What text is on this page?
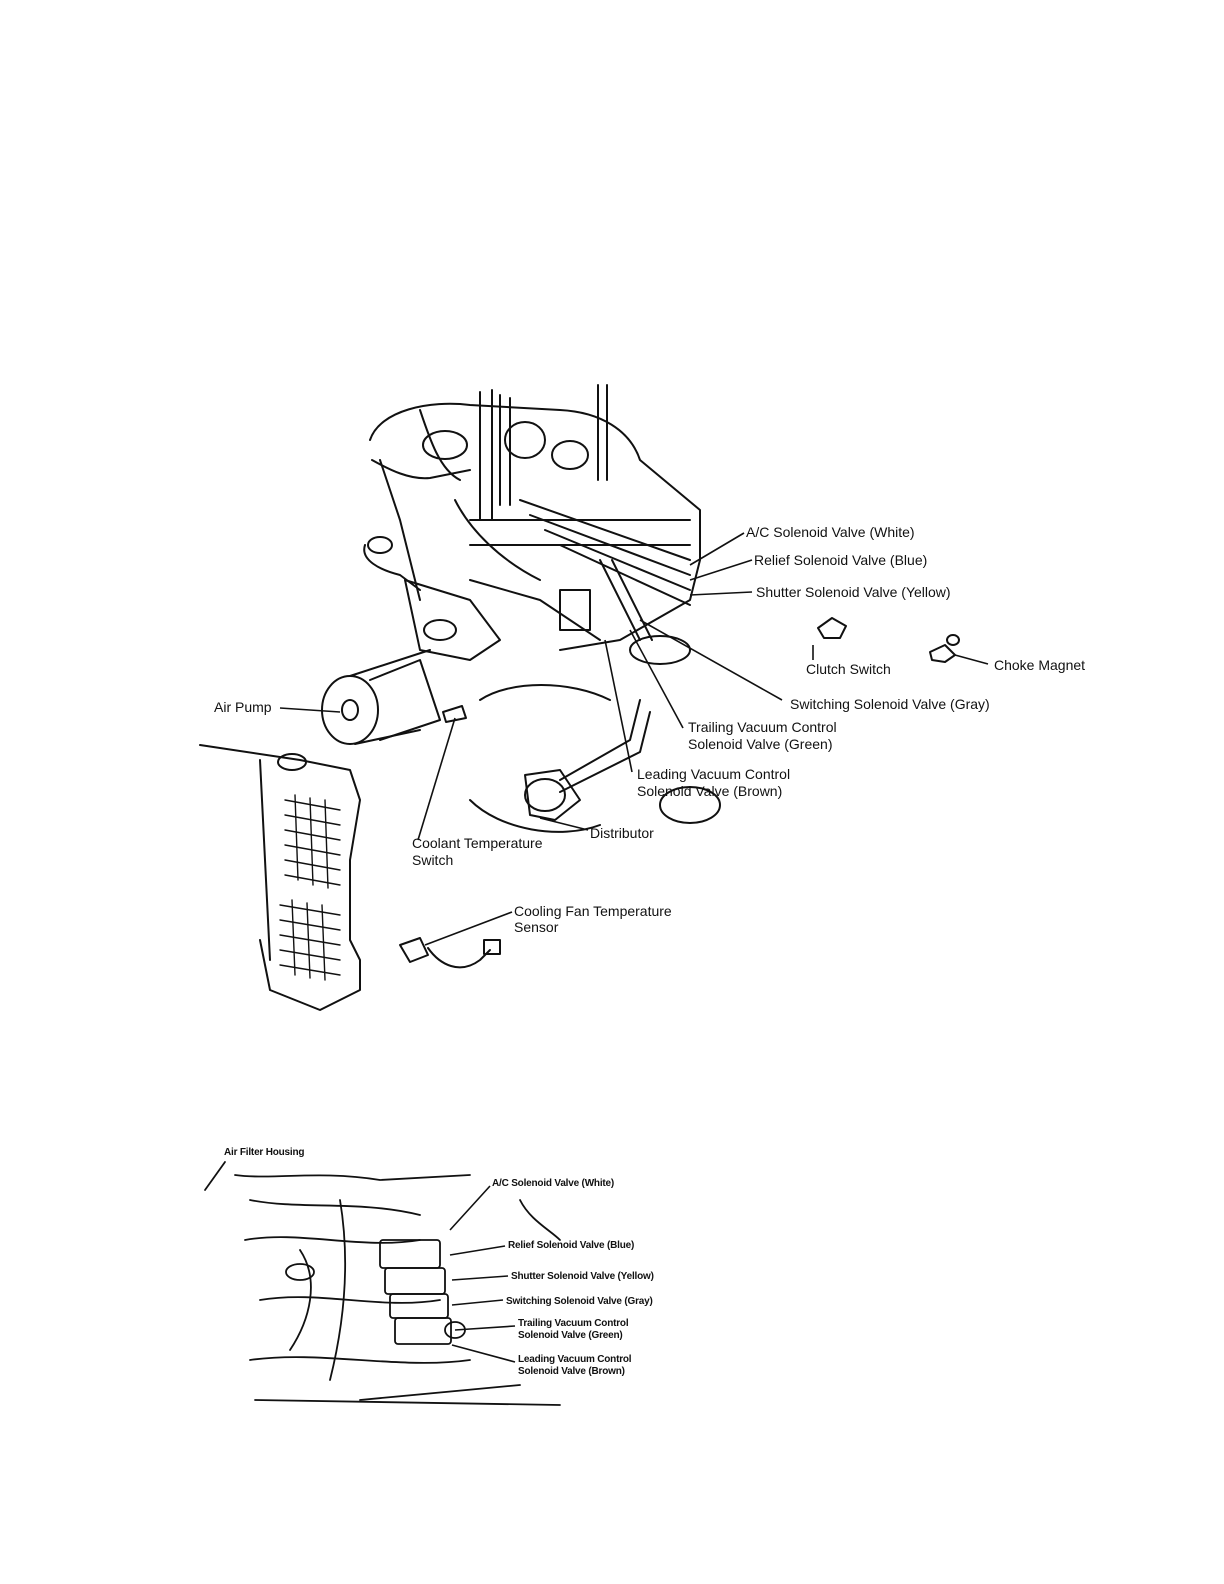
A/C Solenoid Valve (White)
Relief Solenoid Valve (Blue)
Shutter Solenoid Valve (Yellow)
Clutch Switch	Choke Magnet
Switching Solenoid Valve (Gray)
Trailing Vacuum Control
Solenoid Valve (Green)
Leading Vacuum Control
Solenoid Valve (Brown)
Air Pump
Distributor
Coolant Temperature
Switch
Cooling Fan Temperature
Sensor
Air Filter Housing
A/C Solenoid Valve (White)
Relief Solenoid Valve (Blue)
Shutter Solenoid Valve (Yellow)
Switching Solenoid Valve (Gray)
Trailing Vacuum Control
Solenoid Valve (Green)
Leading Vacuum Control
Solenoid Valve (Brown)
